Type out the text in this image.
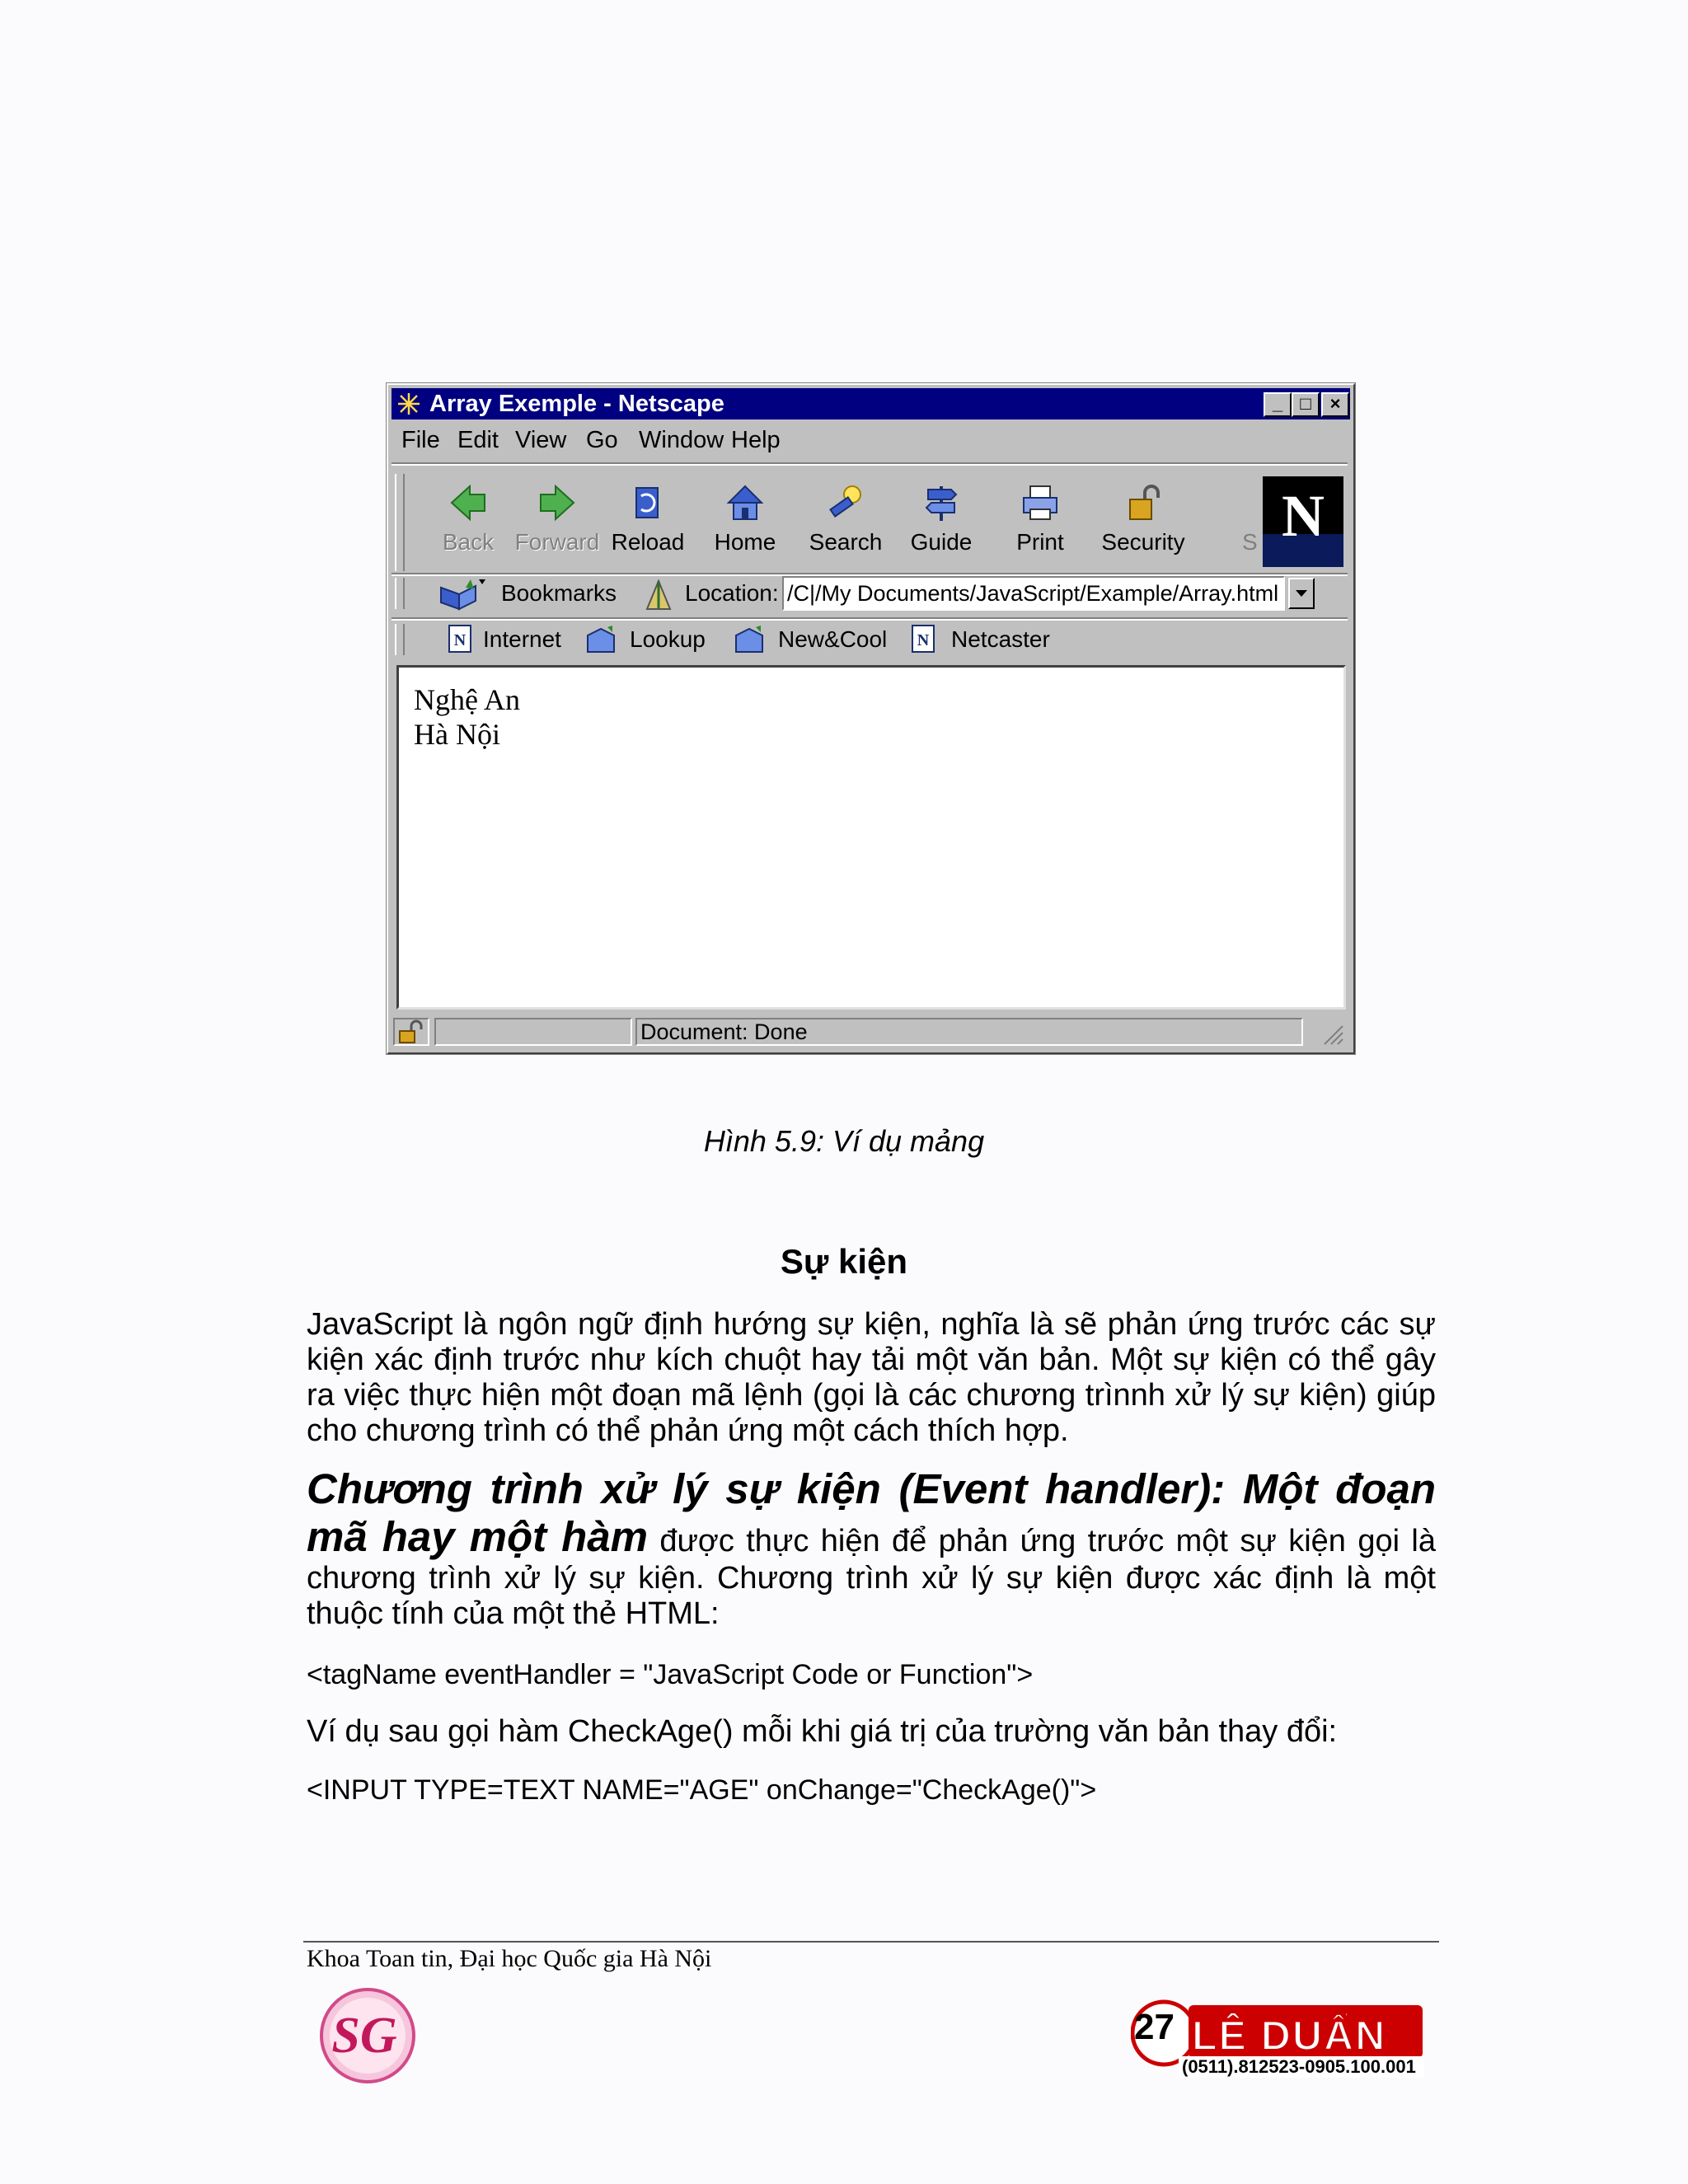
Array Exemple - Netscape	_ □	×
File Edit View Go Window Help
Back Forward Reload Home Search Guide	Print	Security	S N
Bookmarks	Location: /C|/My Documents/JavaScript/Example/Array.html
N Internet	Lookup	New&Cool N Netcaster
Nghệ An
Hà Nội
Document: Done
Hình 5.9: Ví dụ mảng
Sự kiện
JavaScript là ngôn ngữ định hướng sự kiện, nghĩa là sẽ phản ứng trước các sự kiện xác định trước như kích chuột hay tải một văn bản. Một sự kiện có thể gây ra việc thực hiện một đoạn mã lệnh (gọi là các chương trìnnh xử lý sự kiện) giúp cho chương trình có thể phản ứng một cách thích hợp.
Chương trình xử lý sự kiện (Event handler): Một đoạn mã hay một hàm được thực hiện để phản ứng trước một sự kiện gọi là chương trình xử lý sự kiện. Chương trình xử lý sự kiện được xác định là một thuộc tính của một thẻ HTML:
<tagName eventHandler = "JavaScript Code or Function">
Ví dụ sau gọi hàm CheckAge() mỗi khi giá trị của trường văn bản thay đổi:
<INPUT TYPE=TEXT NAME="AGE" onChange="CheckAge()">
Khoa Toan tin, Đại học Quốc gia Hà Nội
SG	27 LÊ DUẨN
(0511).812523-0905.100.001
